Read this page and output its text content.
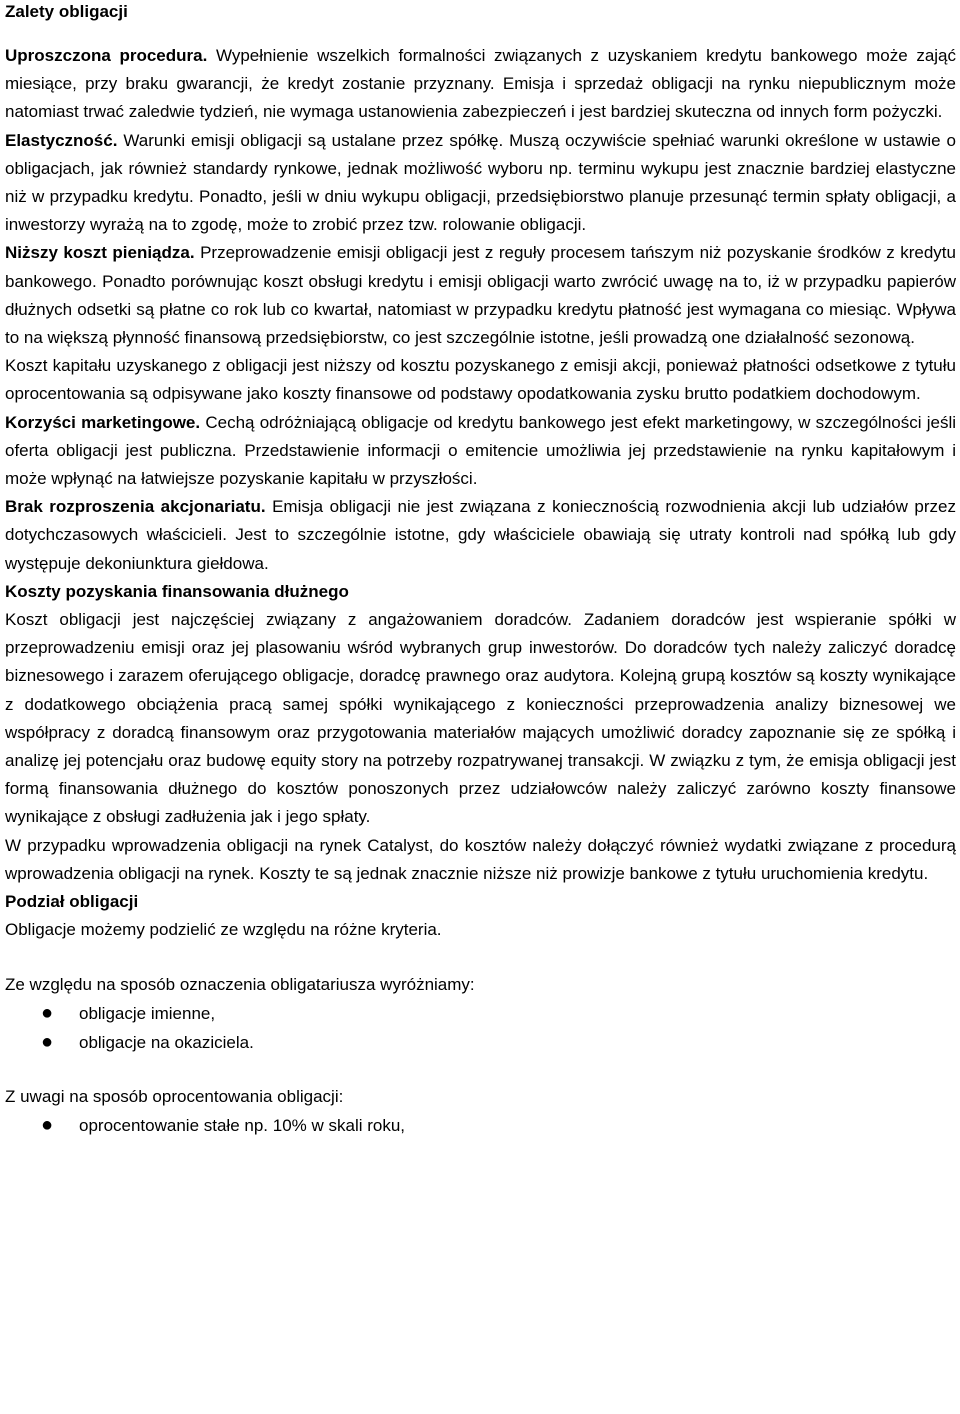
Zalety obligacji

Uproszczona procedura. Wypełnienie wszelkich formalności związanych z uzyskaniem kredytu bankowego może zająć miesiące, przy braku gwarancji, że kredyt zostanie przyznany. Emisja i sprzedaż obligacji na rynku niepublicznym może natomiast trwać zaledwie tydzień, nie wymaga ustanowienia zabezpieczeń i jest bardziej skuteczna od innych form pożyczki.

Elastyczność. Warunki emisji obligacji są ustalane przez spółkę. Muszą oczywiście spełniać warunki określone w ustawie o obligacjach, jak również standardy rynkowe, jednak możliwość wyboru np. terminu wykupu jest znacznie bardziej elastyczne niż w przypadku kredytu. Ponadto, jeśli w dniu wykupu obligacji, przedsiębiorstwo planuje przesunąć termin spłaty obligacji, a inwestorzy wyrażą na to zgodę, może to zrobić przez tzw. rolowanie obligacji.

Niższy koszt pieniądza. Przeprowadzenie emisji obligacji jest z reguły procesem tańszym niż pozyskanie środków z kredytu bankowego. Ponadto porównując koszt obsługi kredytu i emisji obligacji warto zwrócić uwagę na to, iż w przypadku papierów dłużnych odsetki są płatne co rok lub co kwartał, natomiast w przypadku kredytu płatność jest wymagana co miesiąc. Wpływa to na większą płynność finansową przedsiębiorstw, co jest szczególnie istotne, jeśli prowadzą one działalność sezonową.

Koszt kapitału uzyskanego z obligacji jest niższy od kosztu pozyskanego z emisji akcji, ponieważ płatności odsetkowe z tytułu oprocentowania są odpisywane jako koszty finansowe od podstawy opodatkowania zysku brutto podatkiem dochodowym.

Korzyści marketingowe. Cechą odróżniającą obligacje od kredytu bankowego jest efekt marketingowy, w szczególności jeśli oferta obligacji jest publiczna. Przedstawienie informacji o emitencie umożliwia jej przedstawienie na rynku kapitałowym i może wpłynąć na łatwiejsze pozyskanie kapitału w przyszłości.

Brak rozproszenia akcjonariatu. Emisja obligacji nie jest związana z koniecznością rozwodnienia akcji lub udziałów przez dotychczasowych właścicieli. Jest to szczególnie istotne, gdy właściciele obawiają się utraty kontroli nad spółką lub gdy występuje dekoniunktura giełdowa.

Koszty pozyskania finansowania dłużnego

Koszt obligacji jest najczęściej związany z angażowaniem doradców. Zadaniem doradców jest wspieranie spółki w przeprowadzeniu emisji oraz jej plasowaniu wśród wybranych grup inwestorów. Do doradców tych należy zaliczyć doradcę biznesowego i zarazem oferującego obligacje, doradcę prawnego oraz audytora. Kolejną grupą kosztów są koszty wynikające z dodatkowego obciążenia pracą samej spółki wynikającego z konieczności przeprowadzenia analizy biznesowej we współpracy z doradcą finansowym oraz przygotowania materiałów mających umożliwić doradcy zapoznanie się ze spółką i analizę jej potencjału oraz budowę equity story na potrzeby rozpatrywanej transakcji. W związku z tym, że emisja obligacji jest formą finansowania dłużnego do kosztów ponoszonych przez udziałowców należy zaliczyć zarówno koszty finansowe wynikające z obsługi zadłużenia jak i jego spłaty.

W przypadku wprowadzenia obligacji na rynek Catalyst, do kosztów należy dołączyć również wydatki związane z procedurą wprowadzenia obligacji na rynek. Koszty te są jednak znacznie niższe niż prowizje bankowe z tytułu uruchomienia kredytu.

Podział obligacji

Obligacje możemy podzielić ze względu na różne kryteria.

Ze względu na sposób oznaczenia obligatariusza wyróżniamy:

● obligacje imienne,
● obligacje na okaziciela.

Z uwagi na sposób oprocentowania obligacji:

● oprocentowanie stałe np. 10% w skali roku,
